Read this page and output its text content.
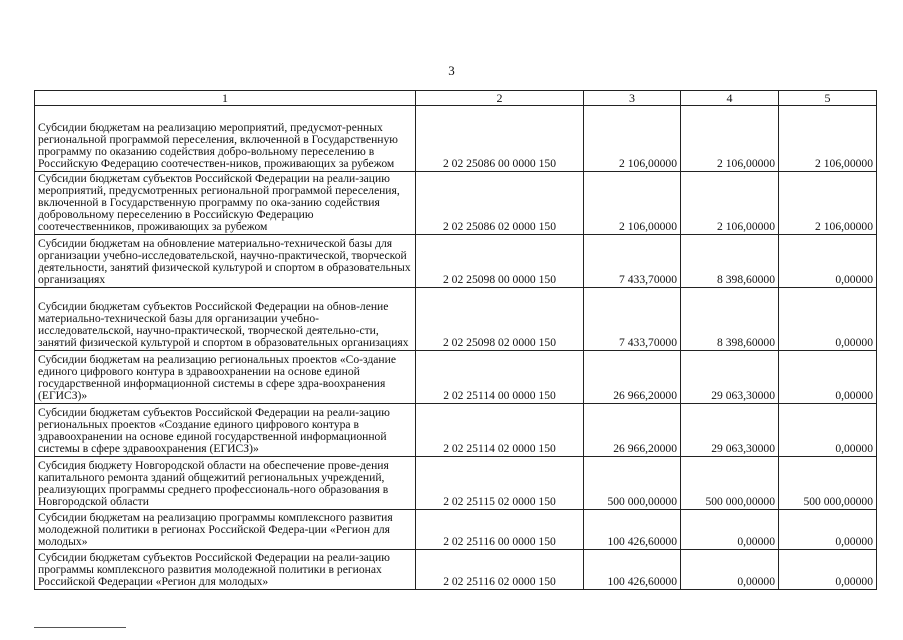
3
1	2	3	4	5
Субсидии бюджетам на реализацию мероприятий, предусмот-ренных региональной программой переселения, включенной в Государственную программу по оказанию содействия добро-вольному переселению в Российскую Федерацию соотечествен-ников, проживающих за рубежом	2 02 25086 00 0000 150	2 106,00000	2 106,00000	2 106,00000
Субсидии бюджетам субъектов Российской Федерации на реали-зацию мероприятий, предусмотренных региональной программой переселения, включенной в Государственную программу по ока-занию содействия добровольному переселению в Российскую Федерацию соотечественников, проживающих за рубежом	2 02 25086 02 0000 150	2 106,00000	2 106,00000	2 106,00000
Субсидии бюджетам на обновление материально-технической базы для организации учебно-исследовательской, научно-практической, творческой деятельности, занятий физической культурой и спортом в образовательных организациях	2 02 25098 00 0000 150	7 433,70000	8 398,60000	0,00000
Субсидии бюджетам субъектов Российской Федерации на обнов-ление материально-технической базы для организации учебно-исследовательской, научно-практической, творческой деятельно-сти, занятий физической культурой и спортом в образовательных организациях	2 02 25098 02 0000 150	7 433,70000	8 398,60000	0,00000
Субсидии бюджетам на реализацию региональных проектов «Со-здание единого цифрового контура в здравоохранении на основе единой государственной информационной системы в сфере здра-воохранения (ЕГИСЗ)»	2 02 25114 00 0000 150	26 966,20000	29 063,30000	0,00000
Субсидии бюджетам субъектов Российской Федерации на реали-зацию региональных проектов «Создание единого цифрового контура в здравоохранении на основе единой государственной информационной системы в сфере здравоохранения (ЕГИСЗ)»	2 02 25114 02 0000 150	26 966,20000	29 063,30000	0,00000
Субсидия бюджету Новгородской области на обеспечение прове-дения капитального ремонта зданий общежитий региональных учреждений, реализующих программы среднего профессиональ-ного образования в Новгородской области	2 02 25115 02 0000 150	500 000,00000	500 000,00000	500 000,00000
Субсидии бюджетам на реализацию программы комплексного развития молодежной политики в регионах Российской Федера-ции «Регион для молодых»	2 02 25116 00 0000 150	100 426,60000	0,00000	0,00000
Субсидии бюджетам субъектов Российской Федерации на реали-зацию программы комплексного развития молодежной политики в регионах Российской Федерации «Регион для молодых»	2 02 25116 02 0000 150	100 426,60000	0,00000	0,00000
